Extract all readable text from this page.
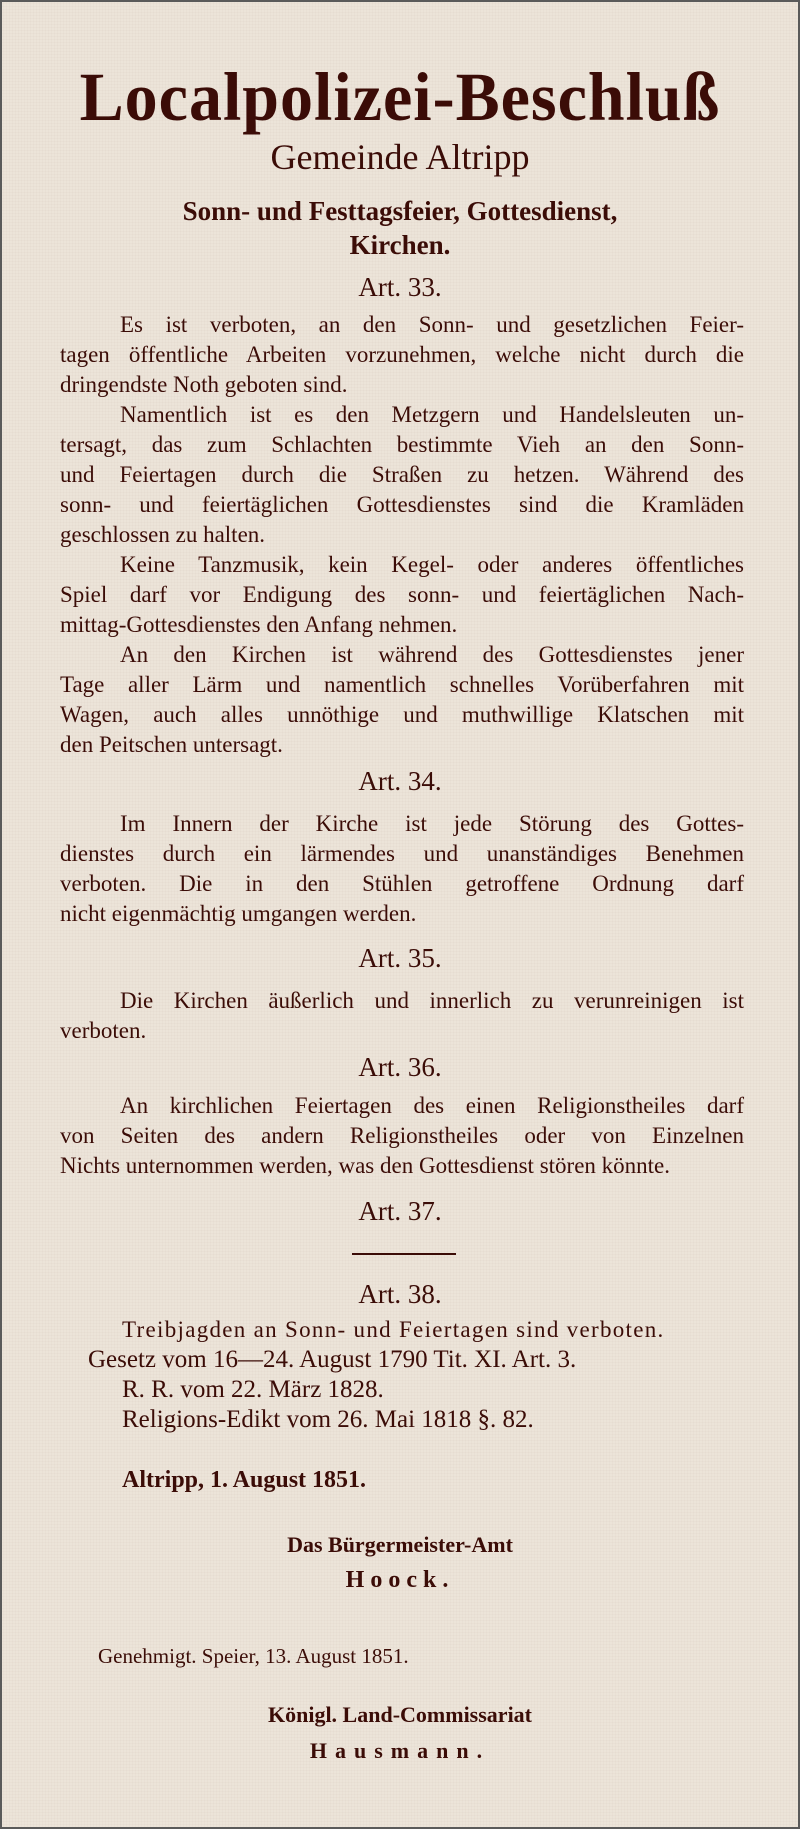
Localpolizei-Beschluß
Gemeinde Altripp
Sonn- und Festtagsfeier, Gottesdienst,
Kirchen.
Art. 33.
Es ist verboten, an den Sonn- und gesetzlichen Feier-
tagen öffentliche Arbeiten vorzunehmen, welche nicht durch die
dringendste Noth geboten sind.
Namentlich ist es den Metzgern und Handelsleuten un-
tersagt, das zum Schlachten bestimmte Vieh an den Sonn-
und Feiertagen durch die Straßen zu hetzen. Während des
sonn- und feiertäglichen Gottesdienstes sind die Kramläden
geschlossen zu halten.
Keine Tanzmusik, kein Kegel- oder anderes öffentliches
Spiel darf vor Endigung des sonn- und feiertäglichen Nach-
mittag-Gottesdienstes den Anfang nehmen.
An den Kirchen ist während des Gottesdienstes jener
Tage aller Lärm und namentlich schnelles Vorüberfahren mit
Wagen, auch alles unnöthige und muthwillige Klatschen mit
den Peitschen untersagt.
Art. 34.
Im Innern der Kirche ist jede Störung des Gottes-
dienstes durch ein lärmendes und unanständiges Benehmen
verboten. Die in den Stühlen getroffene Ordnung darf
nicht eigenmächtig umgangen werden.
Art. 35.
Die Kirchen äußerlich und innerlich zu verunreinigen ist
verboten.
Art. 36.
An kirchlichen Feiertagen des einen Religionstheiles darf
von Seiten des andern Religionstheiles oder von Einzelnen
Nichts unternommen werden, was den Gottesdienst stören könnte.
Art. 37.
Art. 38.
Treibjagden an Sonn- und Feiertagen sind verboten.
Gesetz vom 16—24. August 1790 Tit. XI. Art. 3.
R. R. vom 22. März 1828.
Religions-Edikt vom 26. Mai 1818 §. 82.
Altripp, 1. August 1851.
Das Bürgermeister-Amt
Hoock.
Genehmigt. Speier, 13. August 1851.
Königl. Land-Commissariat
Hausmann.
